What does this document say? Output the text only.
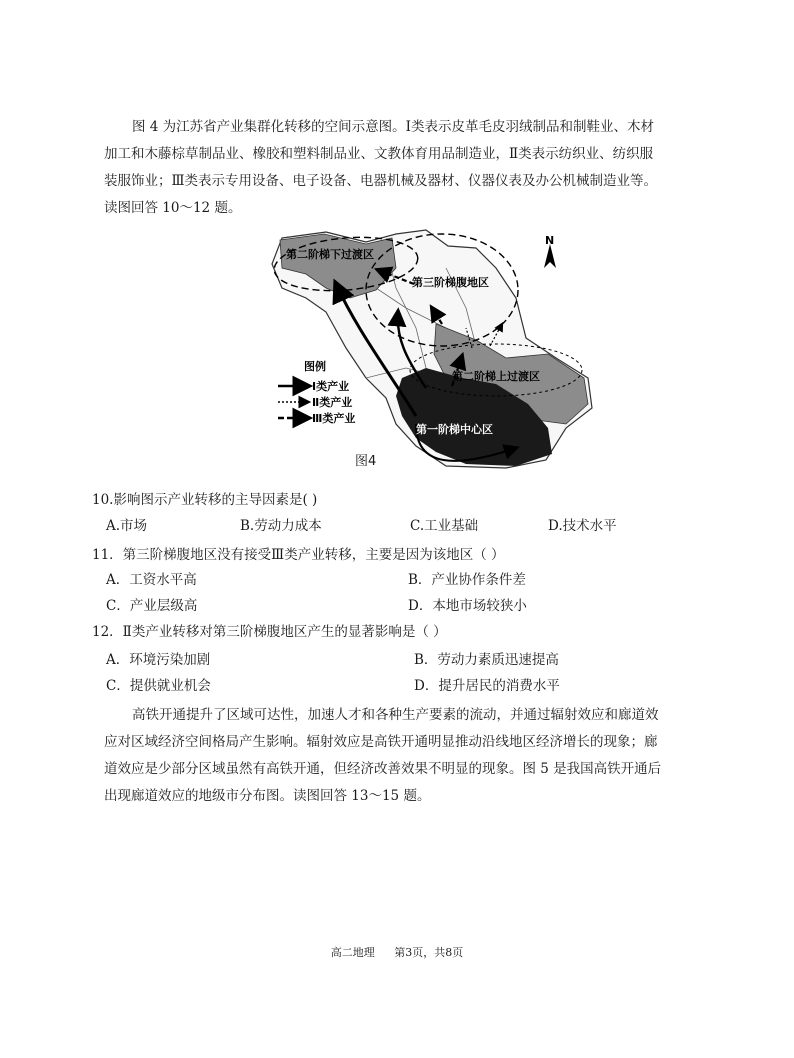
图 4 为江苏省产业集群化转移的空间示意图。Ⅰ类表示皮革毛皮羽绒制品和制鞋业、木材
加工和木藤棕草制品业、橡胶和塑料制品业、文教体育用品制造业，Ⅱ类表示纺织业、纺织服
装服饰业；Ⅲ类表示专用设备、电子设备、电器机械及器材、仪器仪表及办公机械制造业等。
读图回答 10～12 题。
N
第二阶梯下过渡区
第三阶梯腹地区
第二阶梯上过渡区
第一阶梯中心区
图例
Ⅰ类产业
Ⅱ类产业
Ⅲ类产业
图4
10.影响图示产业转移的主导因素是( )
A.市场	B.劳动力成本	C.工业基础	D.技术水平
11．第三阶梯腹地区没有接受Ⅲ类产业转移，主要是因为该地区（ ）
A．工资水平高	B．产业协作条件差
C．产业层级高	D．本地市场较狭小
12．Ⅱ类产业转移对第三阶梯腹地区产生的显著影响是（ ）
A．环境污染加剧	B．劳动力素质迅速提高
C．提供就业机会	D．提升居民的消费水平
高铁开通提升了区域可达性，加速人才和各种生产要素的流动，并通过辐射效应和廊道效
应对区域经济空间格局产生影响。辐射效应是高铁开通明显推动沿线地区经济增长的现象；廊
道效应是少部分区域虽然有高铁开通，但经济改善效果不明显的现象。图 5 是我国高铁开通后
出现廊道效应的地级市分布图。读图回答 13～15 题。
高二地理 第3页，共8页
